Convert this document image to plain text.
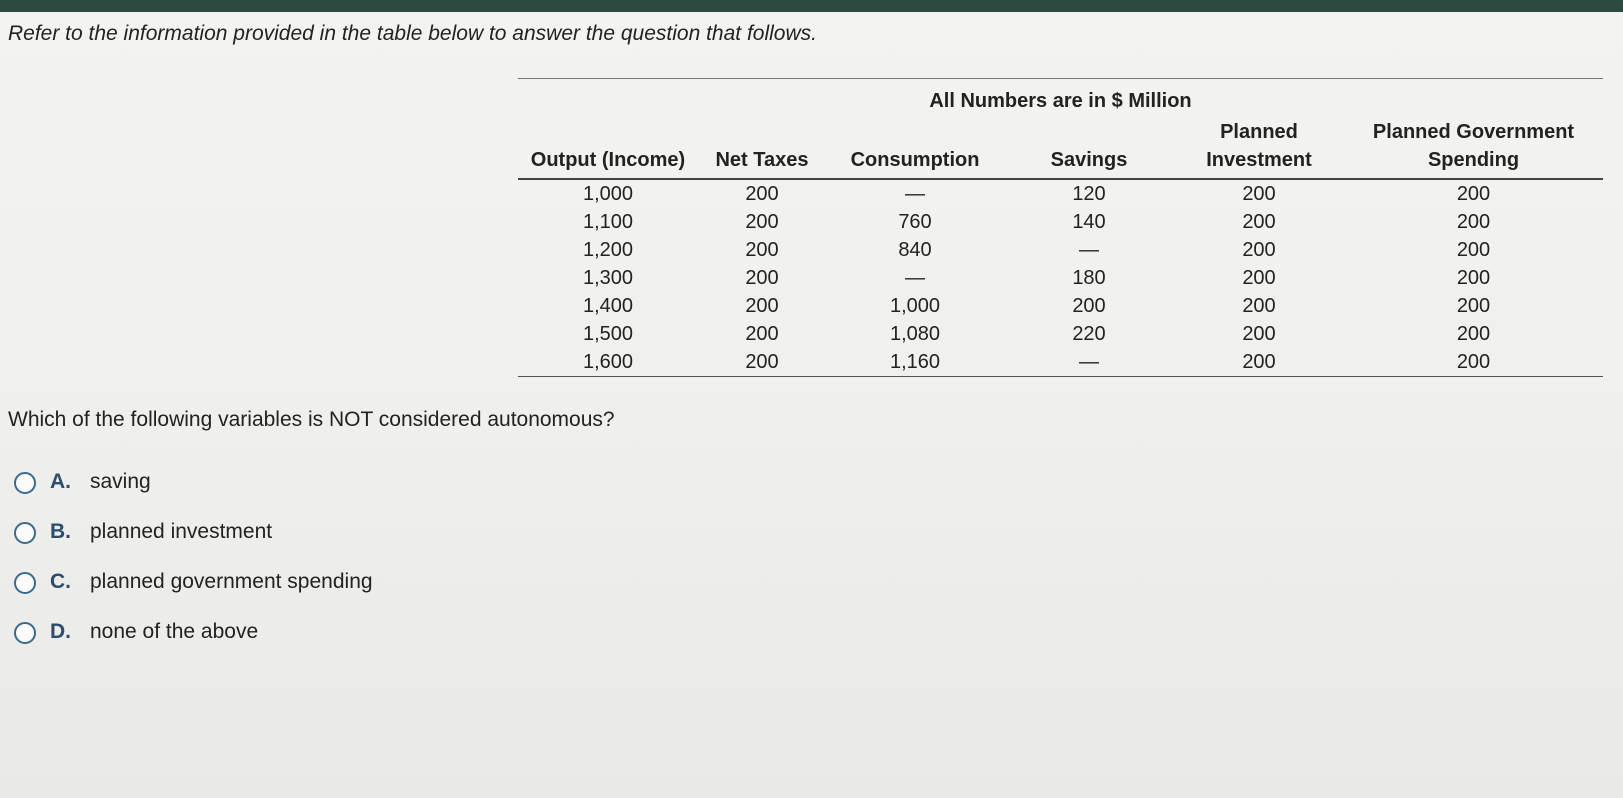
Refer to the information provided in the table below to answer the question that follows.
All Numbers are in $ Million
Output (Income)	Net Taxes	Consumption	Savings	Planned Investment	Planned Government Spending
1,000	200	—	120	200	200
1,100	200	760	140	200	200
1,200	200	840	—	200	200
1,300	200	—	180	200	200
1,400	200	1,000	200	200	200
1,500	200	1,080	220	200	200
1,600	200	1,160	—	200	200
Which of the following variables is NOT considered autonomous?
A. saving
B. planned investment
C. planned government spending
D. none of the above
